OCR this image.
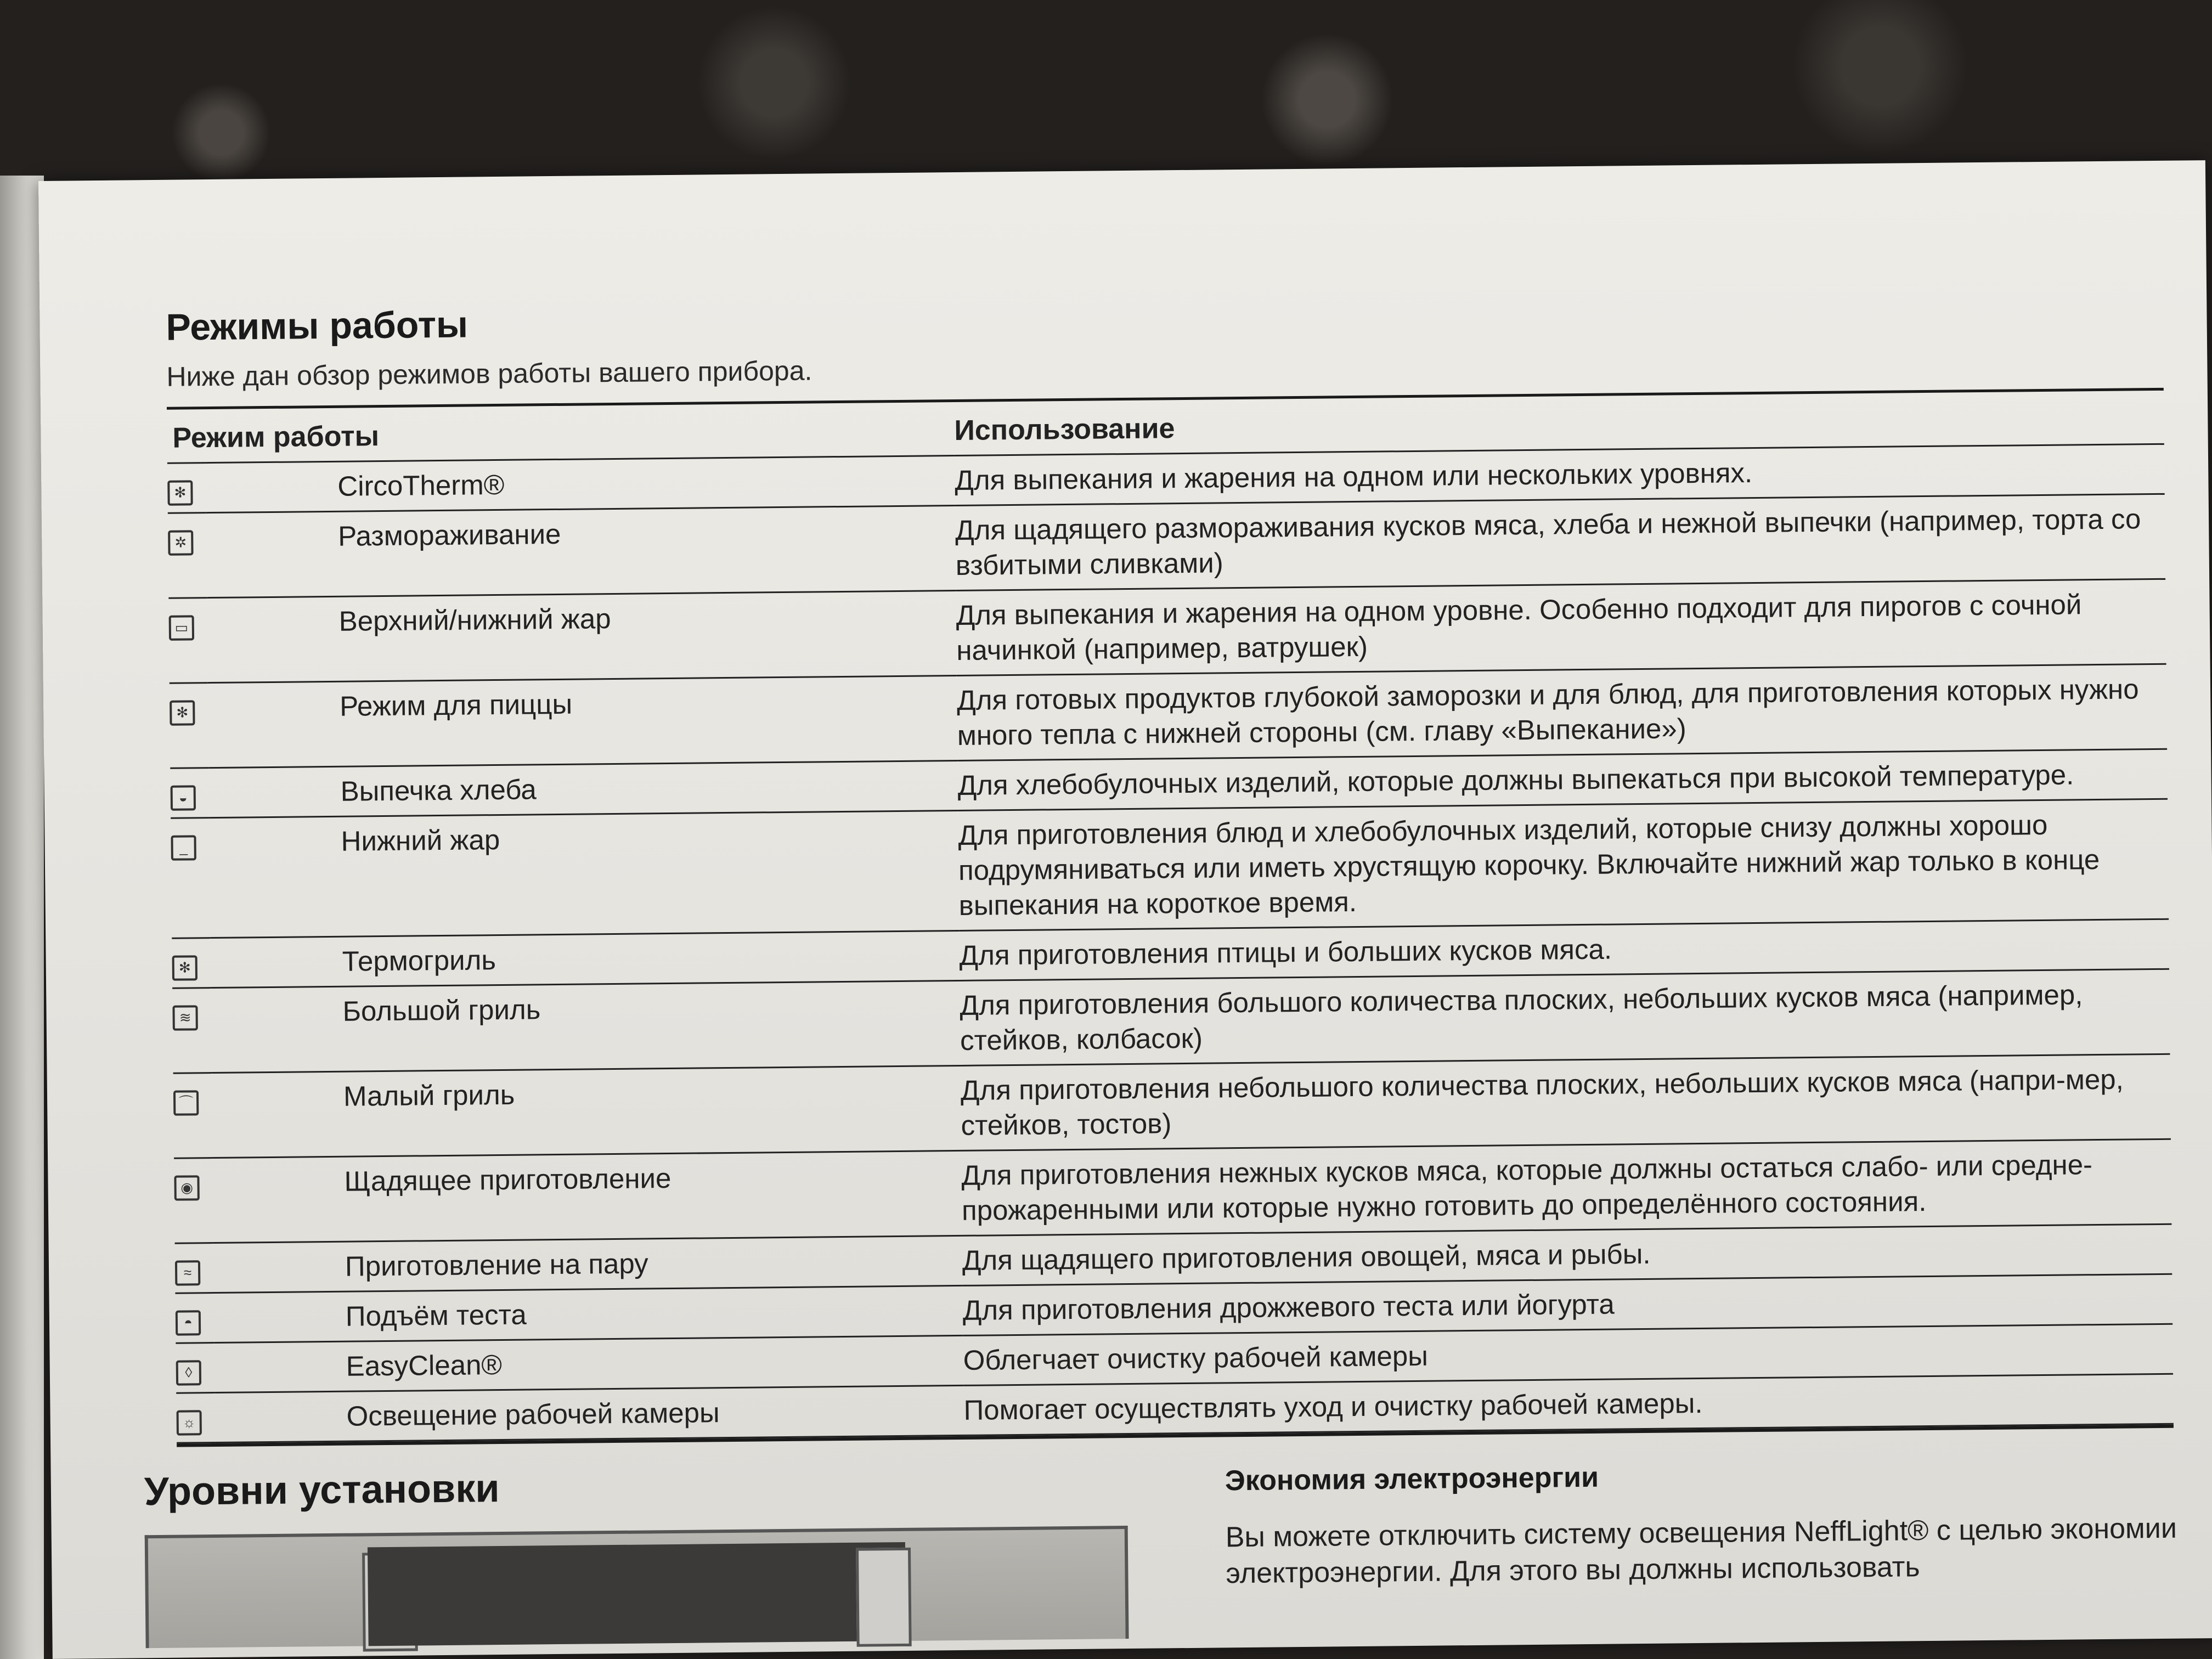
Режимы работы
Ниже дан обзор режимов работы вашего прибора.
Режим работы		Использование
✻	CircoTherm®	Для выпекания и жарения на одном или нескольких уровнях.
✲	Размораживание	Для щадящего размораживания кусков мяса, хлеба и нежной выпечки (например, торта со взбитыми сливками)
▭	Верхний/нижний жар	Для выпекания и жарения на одном уровне. Особенно подходит для пирогов с сочной начинкой (например, ватрушек)
✻	Режим для пиццы	Для готовых продуктов глубокой заморозки и для блюд, для приготовления которых нужно много тепла с нижней стороны (см. главу «Выпекание»)
◒	Выпечка хлеба	Для хлебобулочных изделий, которые должны выпекаться при высокой температуре.
_	Нижний жар	Для приготовления блюд и хлебобулочных изделий, которые снизу должны хорошо подрумяниваться или иметь хрустящую корочку. Включайте нижний жар только в конце выпекания на короткое время.
✻	Термогриль	Для приготовления птицы и больших кусков мяса.
≋	Большой гриль	Для приготовления большого количества плоских, небольших кусков мяса (например, стейков, колбасок)
⌒	Малый гриль	Для приготовления небольшого количества плоских, небольших кусков мяса (напри-мер, стейков, тостов)
◉	Щадящее приготовление	Для приготовления нежных кусков мяса, которые должны остаться слабо- или средне-прожаренными или которые нужно готовить до определённого состояния.
≈	Приготовление на пару	Для щадящего приготовления овощей, мяса и рыбы.
◓	Подъём теста	Для приготовления дрожжевого теста или йогурта
◊	EasyClean®	Облегчает очистку рабочей камеры
☼	Освещение рабочей камеры	Помогает осуществлять уход и очистку рабочей камеры.
Уровни установки	Экономия электроэнергии

Вы можете отключить систему освещения NeffLight® с целью экономии электроэнергии. Для этого вы должны использовать
